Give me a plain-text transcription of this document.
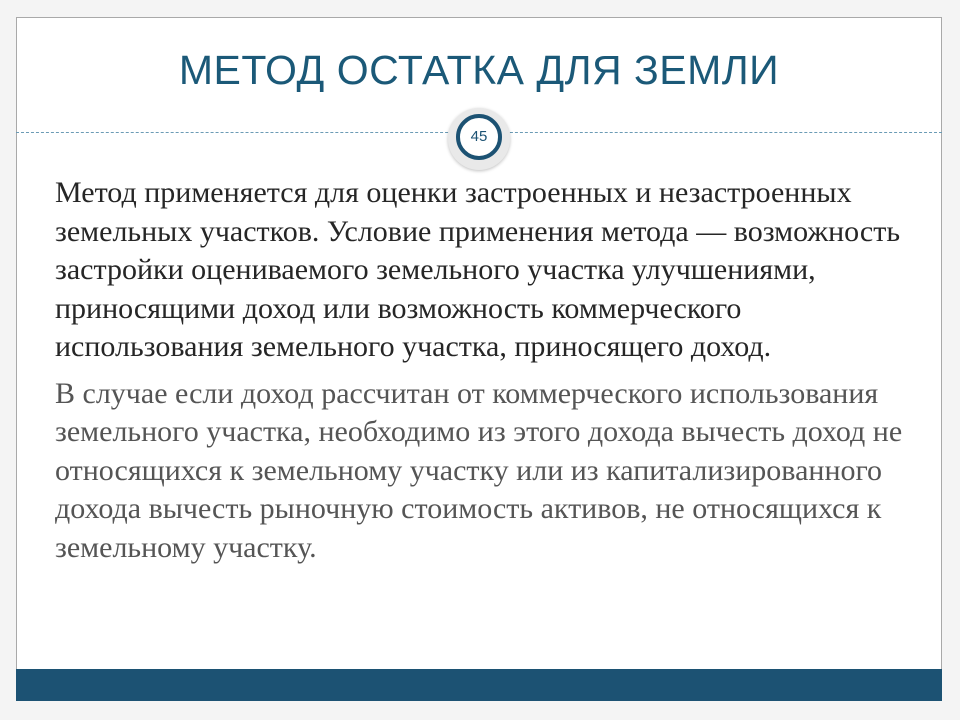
МЕТОД ОСТАТКА ДЛЯ ЗЕМЛИ
45

Метод применяется для оценки застроенных и незастроенных земельных участков. Условие применения метода — возможность застройки оцениваемого земельного участка улучшениями, приносящими доход или возможность коммерческого использования земельного участка, приносящего доход.

В случае если доход рассчитан от коммерческого использования земельного участка, необходимо из этого дохода вычесть доход не относящихся к земельному участку или из капитализированного дохода вычесть рыночную стоимость активов, не относящихся к земельному участку.
